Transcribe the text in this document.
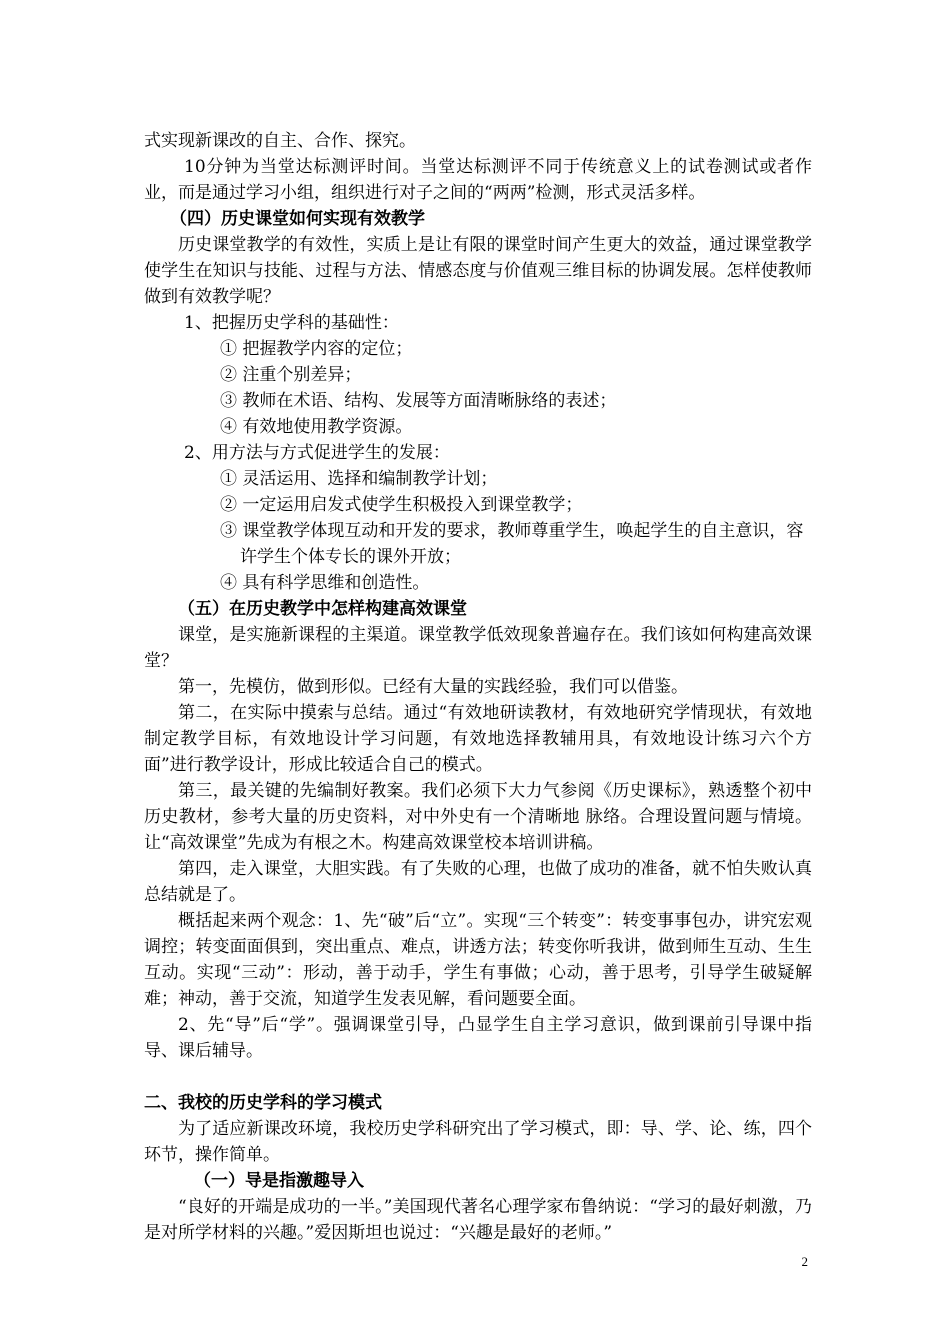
式实现新课改的自主、合作、探究。

10分钟为当堂达标测评时间。当堂达标测评不同于传统意义上的试卷测试或者作业，而是通过学习小组，组织进行对子之间的“两两”检测，形式灵活多样。

（四）历史课堂如何实现有效教学

历史课堂教学的有效性，实质上是让有限的课堂时间产生更大的效益，通过课堂教学使学生在知识与技能、过程与方法、情感态度与价值观三维目标的协调发展。怎样使教师做到有效教学呢？

1、把握历史学科的基础性：

① 把握教学内容的定位；
② 注重个别差异；
③ 教师在术语、结构、发展等方面清晰脉络的表述；
④ 有效地使用教学资源。

2、用方法与方式促进学生的发展：

① 灵活运用、选择和编制教学计划；
② 一定运用启发式使学生积极投入到课堂教学；
③ 课堂教学体现互动和开发的要求，教师尊重学生，唤起学生的自主意识，容许学生个体专长的课外开放；
④ 具有科学思维和创造性。

（五）在历史教学中怎样构建高效课堂

课堂，是实施新课程的主渠道。课堂教学低效现象普遍存在。我们该如何构建高效课堂？

第一，先模仿，做到形似。已经有大量的实践经验，我们可以借鉴。

第二，在实际中摸索与总结。通过“有效地研读教材，有效地研究学情现状，有效地制定教学目标，有效地设计学习问题，有效地选择教辅用具，有效地设计练习六个方面”进行教学设计，形成比较适合自己的模式。

第三，最关键的先编制好教案。我们必须下大力气参阅《历史课标》，熟透整个初中历史教材，参考大量的历史资料，对中外史有一个清晰地 脉络。合理设置问题与情境。让“高效课堂”先成为有根之木。构建高效课堂校本培训讲稿。

第四，走入课堂，大胆实践。有了失败的心理，也做了成功的准备，就不怕失败认真总结就是了。

概括起来两个观念：1、先“破”后“立”。实现“三个转变”：转变事事包办，讲究宏观调控；转变面面俱到，突出重点、难点，讲透方法；转变你听我讲，做到师生互动、生生互动。实现“三动”：形动，善于动手，学生有事做；心动，善于思考，引导学生破疑解难；神动，善于交流，知道学生发表见解，看问题要全面。

2、先“导”后“学”。强调课堂引导，凸显学生自主学习意识，做到课前引导课中指导、课后辅导。

二、我校的历史学科的学习模式

为了适应新课改环境，我校历史学科研究出了学习模式，即：导、学、论、练，四个环节，操作简单。

（一）导是指激趣导入

“良好的开端是成功的一半。”美国现代著名心理学家布鲁纳说：“学习的最好刺激，乃是对所学材料的兴趣。”爱因斯坦也说过：“兴趣是最好的老师。”

2
